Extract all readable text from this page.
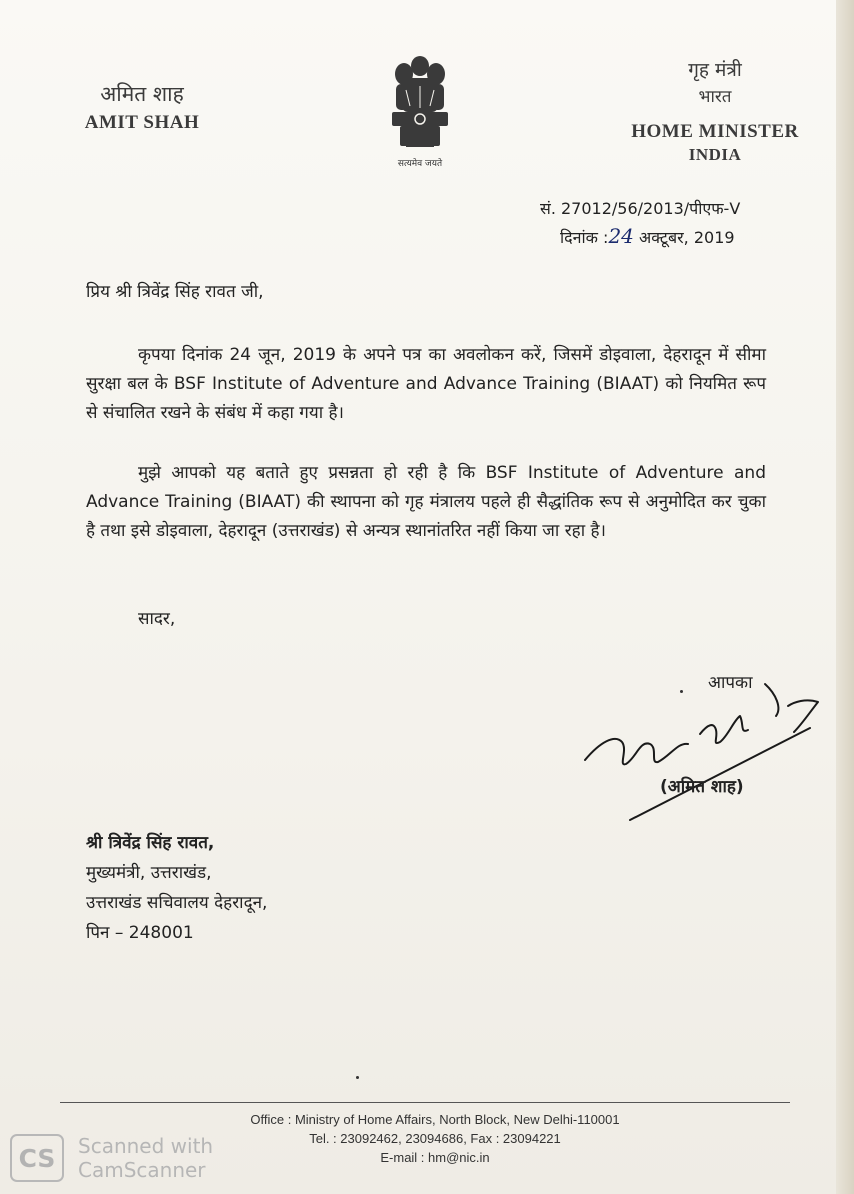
अमित शाह
AMIT SHAH
सत्यमेव जयते
गृह मंत्री
भारत
HOME MINISTER
INDIA
सं. 27012/56/2013/पीएफ-V
दिनांक :24 अक्टूबर, 2019
प्रिय श्री त्रिवेंद्र सिंह रावत जी,
कृपया दिनांक 24 जून, 2019 के अपने पत्र का अवलोकन करें, जिसमें डोइवाला, देहरादून में सीमा सुरक्षा बल के BSF Institute of Adventure and Advance Training (BIAAT) को नियमित रूप से संचालित रखने के संबंध में कहा गया है।
मुझे आपको यह बताते हुए प्रसन्नता हो रही है कि BSF Institute of Adventure and Advance Training (BIAAT) की स्थापना को गृह मंत्रालय पहले ही सैद्धांतिक रूप से अनुमोदित कर चुका है तथा इसे डोइवाला, देहरादून (उत्तराखंड) से अन्यत्र स्थानांतरित नहीं किया जा रहा है।
सादर,
आपका
(अमित शाह)
श्री त्रिवेंद्र सिंह रावत,
मुख्यमंत्री, उत्तराखंड,
उत्तराखंड सचिवालय देहरादून,
पिन – 248001
Office : Ministry of Home Affairs, North Block, New Delhi-110001
Tel. : 23092462, 23094686, Fax : 23094221
E-mail : hm@nic.in
CS	Scanned with
CamScanner
